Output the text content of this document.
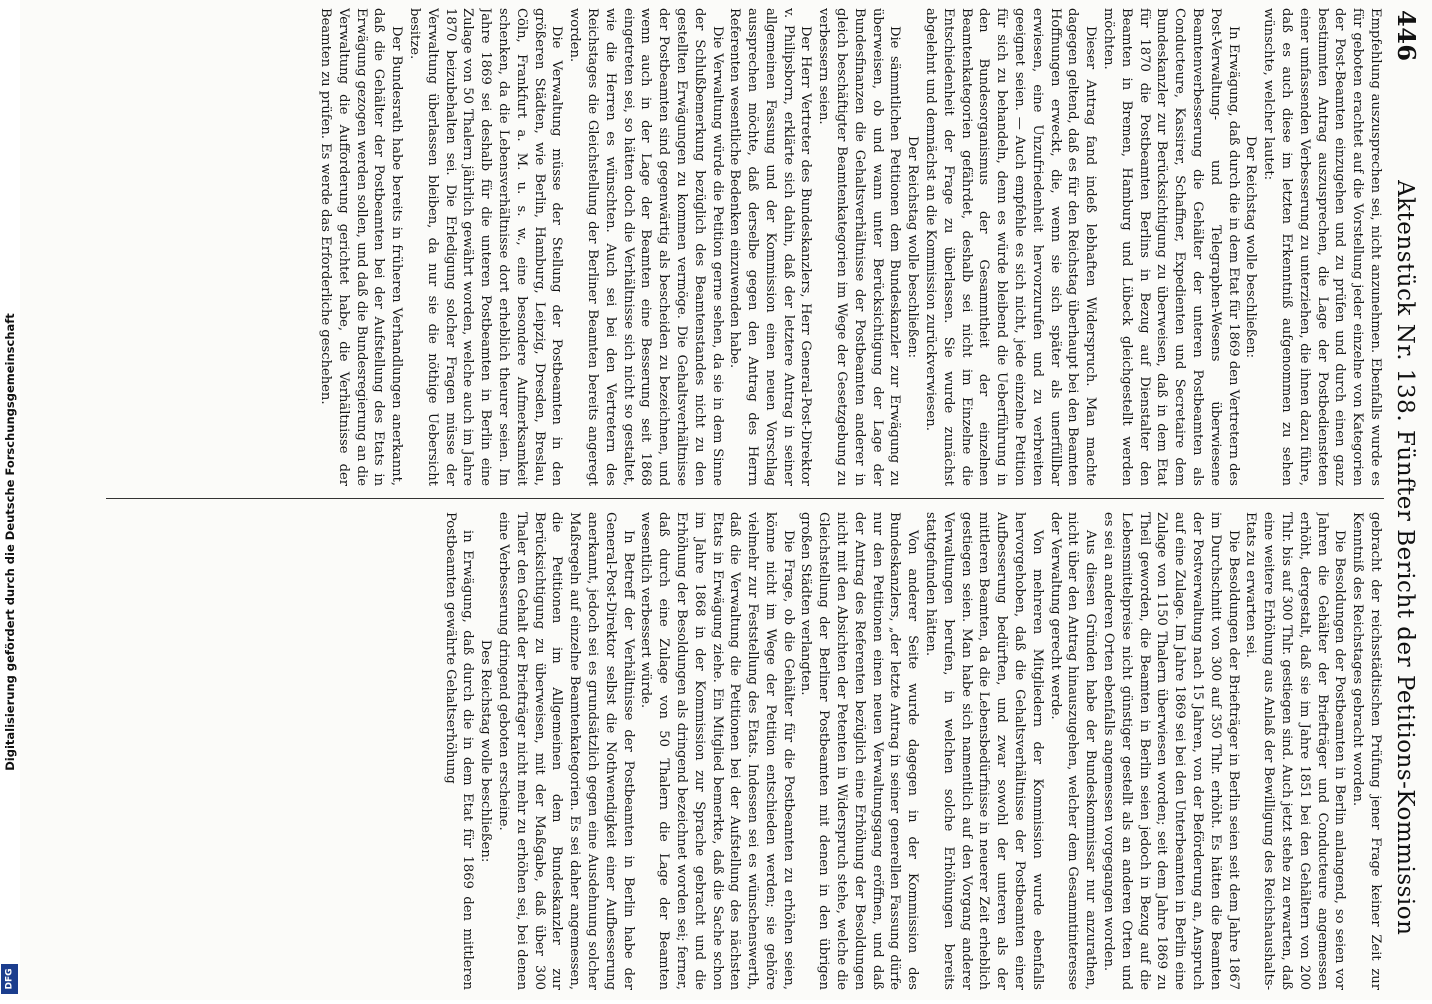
446
Aktenstück Nr. 138. Fünfter Bericht der Petitions-Kommission

Empfehlung auszusprechen sei, nicht anzunehmen. Ebenfalls wurde es für geboten erachtet auf die Vorstellung jeder einzelne von Kategorien der Post-Beamten einzugehen und zu prüfen und durch einen ganz bestimmten Antrag auszusprechen, die Lage der Postbediensteten einer umfassenden Verbesserung zu unterziehen, die ihnen dazu führe, daß es auch diese im letzten Erkenntniß aufgenommen zu sehen wünschte, welcher lautet:

Der Reichstag wolle beschließen:

In Erwägung, daß durch die in dem Etat für 1869 den Vertretern des Post-Verwaltung- und Telegraphen-Wesens überwiesene Beamtenverbesserung die Gehälter der unteren Postbeamten als Conducteure, Kassirer, Schaffner, Expedienten und Secretaire dem Bundeskanzler zur Berücksichtigung zu überweisen, daß in dem Etat für 1870 die Postbeamten Berlins in Bezug auf Dienstalter den Beamten in Bremen, Hamburg und Lübeck gleichgestellt werden möchten.

Dieser Antrag fand indeß lebhaften Widerspruch. Man machte dagegen geltend, daß es für den Reichstag überhaupt bei den Beamten Hoffnungen erweckt, die, wenn sie sich später als unerfüllbar erwiesen, eine Unzufriedenheit hervorzurufen und zu verbreiten geeignet seien. — Auch empfehle es sich nicht, jede einzelne Petition für sich zu behandeln, denn es würde bleibend die Ueberführung in den Bundesorganismus der Gesammtheit der einzelnen Beamtenkategorien gefährdet, deshalb sei nicht im Einzelne die Entschiedenheit der Frage zu überlassen. Sie wurde zunächst abgelehnt und demnächst an die Kommission zurückverwiesen.

Der Reichstag wolle beschließen:

Die sämmtlichen Petitionen dem Bundeskanzler zur Erwägung zu überweisen, ob und wann unter Berücksichtigung der Lage der Bundesfinanzen die Gehaltsverhältnisse der Postbeamten anderer in gleich beschäftigter Beamtenkategorien im Wege der Gesetzgebung zu verbessern seien.

Der Herr Vertreter des Bundeskanzlers, Herr General-Post-Direktor v. Philipsborn, erklärte sich dahin, daß der letztere Antrag in seiner allgemeinen Fassung und der Kommission einen neuen Vorschlag aussprechen möchte, daß derselbe gegen den Antrag des Herrn Referenten wesentliche Bedenken einzuwenden habe.

Die Verwaltung würde die Petition gerne sehen, da sie in dem Sinne der Schlußbemerkung bezüglich des Beamtenstandes nicht zu den gestellten Erwägungen zu kommen vermöge. Die Gehaltsverhältnisse der Postbeamten sind gegenwärtig als bescheiden zu bezeichnen, und wenn auch in der Lage der Beamten eine Besserung seit 1868 eingetreten sei, so hätten doch die Verhältnisse sich nicht so gestaltet, wie die Herren es wünschten. Auch sei bei den Vertretern des Reichstages die Gleichstellung der Berliner Beamten bereits angeregt worden.

Die Verwaltung müsse der Stellung der Postbeamten in den größeren Städten, wie Berlin, Hamburg, Leipzig, Dresden, Breslau, Cöln, Frankfurt a. M. u. s. w., eine besondere Aufmerksamkeit schenken, da die Lebensverhältnisse dort erheblich theurer seien. Im Jahre 1869 sei deshalb für die unteren Postbeamten in Berlin eine Zulage von 50 Thalern jährlich gewährt worden, welche auch im Jahre 1870 beizubehalten sei. Die Erledigung solcher Fragen müsse der Verwaltung überlassen bleiben, da nur sie die nöthige Uebersicht besitze.

Der Bundesrath habe bereits in früheren Verhandlungen anerkannt, daß die Gehälter der Postbeamten bei der Aufstellung des Etats in Erwägung gezogen werden sollen, und daß die Bundesregierung an die Verwaltung die Aufforderung gerichtet habe, die Verhältnisse der Beamten zu prüfen. Es werde das Erforderliche geschehen.

gebracht der reichsstädtischen Prüfung jener Frage keiner Zeit zur Kenntniß des Reichstages gebracht worden.

Die Besoldungen der Postbeamten in Berlin anlangend, so seien vor Jahren die Gehälter der Briefträger und Conducteure angemessen erhöht, dergestalt, daß sie im Jahre 1851 bei den Gehältern von 200 Thlr. bis auf 300 Thlr. gestiegen sind. Auch jetzt stehe zu erwarten, daß eine weitere Erhöhung aus Anlaß der Bewilligung des Reichshaushalts-Etats zu erwarten sei.

Die Besoldungen der Briefträger in Berlin seien seit dem Jahre 1867 im Durchschnitt von 300 auf 350 Thlr. erhöht. Es hätten die Beamten der Postverwaltung nach 15 Jahren, von der Beförderung an, Anspruch auf eine Zulage. Im Jahre 1869 sei bei den Unterbeamten in Berlin eine Zulage von 1150 Thalern überwiesen worden; seit dem Jahre 1869 zu Theil geworden, die Beamten in Berlin seien jedoch in Bezug auf die Lebensmittelpreise nicht günstiger gestellt als an anderen Orten und es sei an anderen Orten ebenfalls angemessen vorgegangen worden.

Aus diesen Gründen habe der Bundeskommissar nur anzurathen, nicht über den Antrag hinauszugehen, welcher dem Gesammtinteresse der Verwaltung gerecht werde.

Von mehreren Mitgliedern der Kommission wurde ebenfalls hervorgehoben, daß die Gehaltsverhältnisse der Postbeamten einer Aufbesserung bedürften, und zwar sowohl der unteren als der mittleren Beamten, da die Lebensbedürfnisse in neuerer Zeit erheblich gestiegen seien. Man habe sich namentlich auf den Vorgang anderer Verwaltungen berufen, in welchen solche Erhöhungen bereits stattgefunden hätten.

Von anderer Seite wurde dagegen in der Kommission des Bundeskanzlers, „der letzte Antrag in seiner generellen Fassung dürfe nur den Petitionen einen neuen Verwaltungsgang eröffnen, und daß der Antrag des Referenten bezüglich eine Erhöhung der Besoldungen nicht mit den Absichten der Petenten in Widerspruch stehe, welche die Gleichstellung der Berliner Postbeamten mit denen in den übrigen großen Städten verlangten.

Die Frage, ob die Gehälter für die Postbeamten zu erhöhen seien, könne nicht im Wege der Petition entschieden werden; sie gehöre vielmehr zur Feststellung des Etats. Indessen sei es wünschenswerth, daß die Verwaltung die Petitionen bei der Aufstellung des nächsten Etats in Erwägung ziehe. Ein Mitglied bemerkte, daß die Sache schon im Jahre 1868 in der Kommission zur Sprache gebracht und die Erhöhung der Besoldungen als dringend bezeichnet worden sei; ferner, daß durch eine Zulage von 50 Thalern die Lage der Beamten wesentlich verbessert würde.

In Betreff der Verhältnisse der Postbeamten in Berlin habe der General-Post-Direktor selbst die Nothwendigkeit einer Aufbesserung anerkannt, jedoch sei es grundsätzlich gegen eine Ausdehnung solcher Maßregeln auf einzelne Beamtenkategorien. Es sei daher angemessen, die Petitionen im Allgemeinen dem Bundeskanzler zur Berücksichtigung zu überweisen, mit der Maßgabe, daß über 300 Thaler den Gehalt der Briefträger nicht mehr zu erhöhen sei, bei denen eine Verbesserung dringend geboten erscheine.

Des Reichstag wolle beschließen:

in Erwägung, daß durch die in dem Etat für 1869 den mittleren Postbeamten gewährte Gehaltserhöhung

Digitalisierung gefördert durch die Deutsche Forschungsgemeinschaft
DFG
